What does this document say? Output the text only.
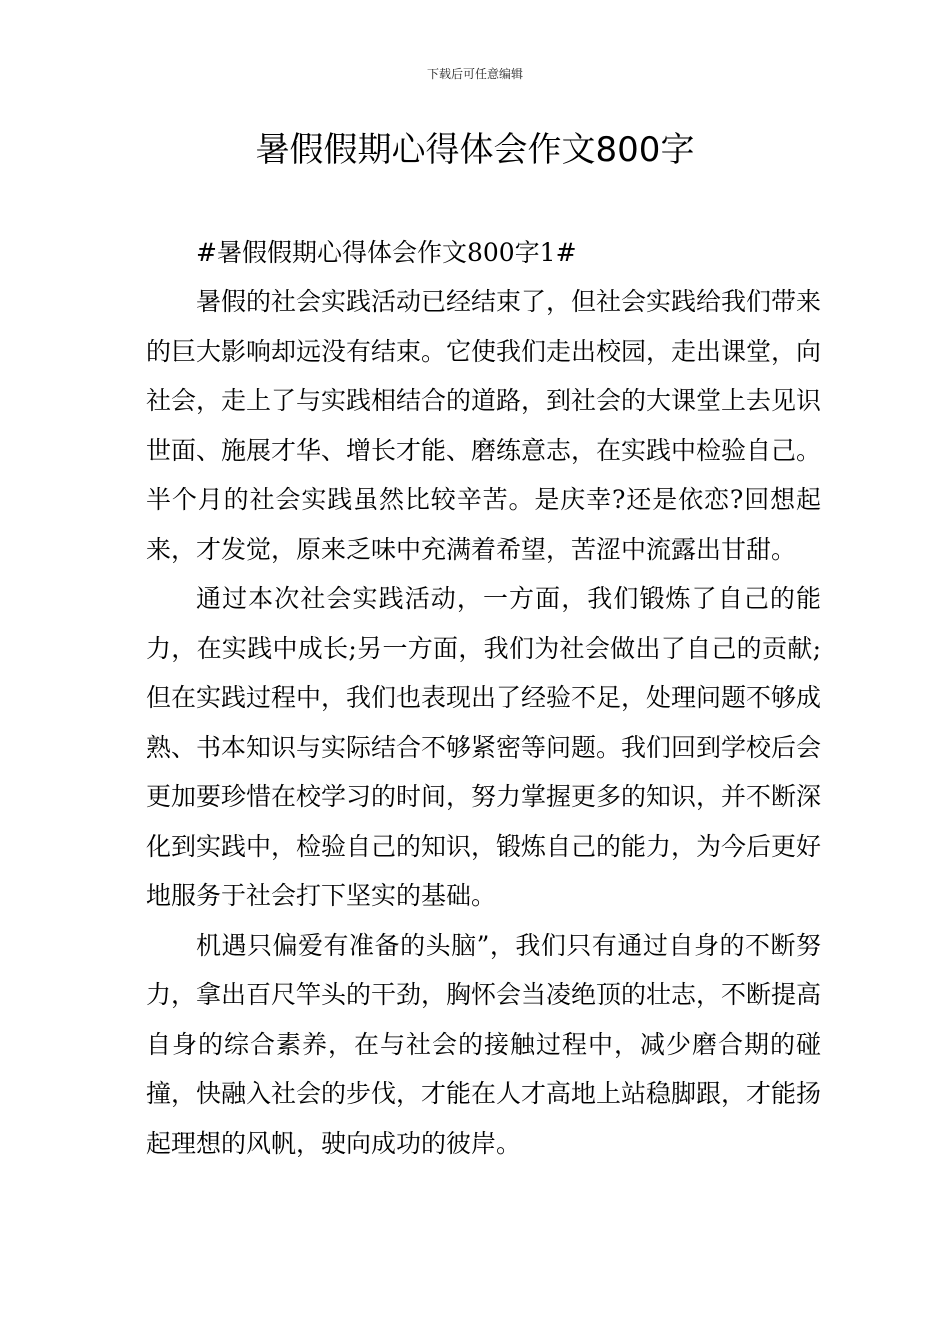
下载后可任意编辑
暑假假期心得体会作文800字

#暑假假期心得体会作文800字1#

暑假的社会实践活动已经结束了，但社会实践给我们带来的巨大影响却远没有结束。它使我们走出校园，走出课堂，向社会，走上了与实践相结合的道路，到社会的大课堂上去见识世面、施展才华、增长才能、磨练意志，在实践中检验自己。半个月的社会实践虽然比较辛苦。是庆幸?还是依恋?回想起来，才发觉，原来乏味中充满着希望，苦涩中流露出甘甜。

通过本次社会实践活动，一方面，我们锻炼了自己的能力，在实践中成长;另一方面，我们为社会做出了自己的贡献;但在实践过程中，我们也表现出了经验不足，处理问题不够成熟、书本知识与实际结合不够紧密等问题。我们回到学校后会更加要珍惜在校学习的时间，努力掌握更多的知识，并不断深化到实践中，检验自己的知识，锻炼自己的能力，为今后更好地服务于社会打下坚实的基础。

机遇只偏爱有准备的头脑”，我们只有通过自身的不断努力，拿出百尺竿头的干劲，胸怀会当凌绝顶的壮志，不断提高自身的综合素养，在与社会的接触过程中，减少磨合期的碰撞，快融入社会的步伐，才能在人才高地上站稳脚跟，才能扬起理想的风帆，驶向成功的彼岸。
